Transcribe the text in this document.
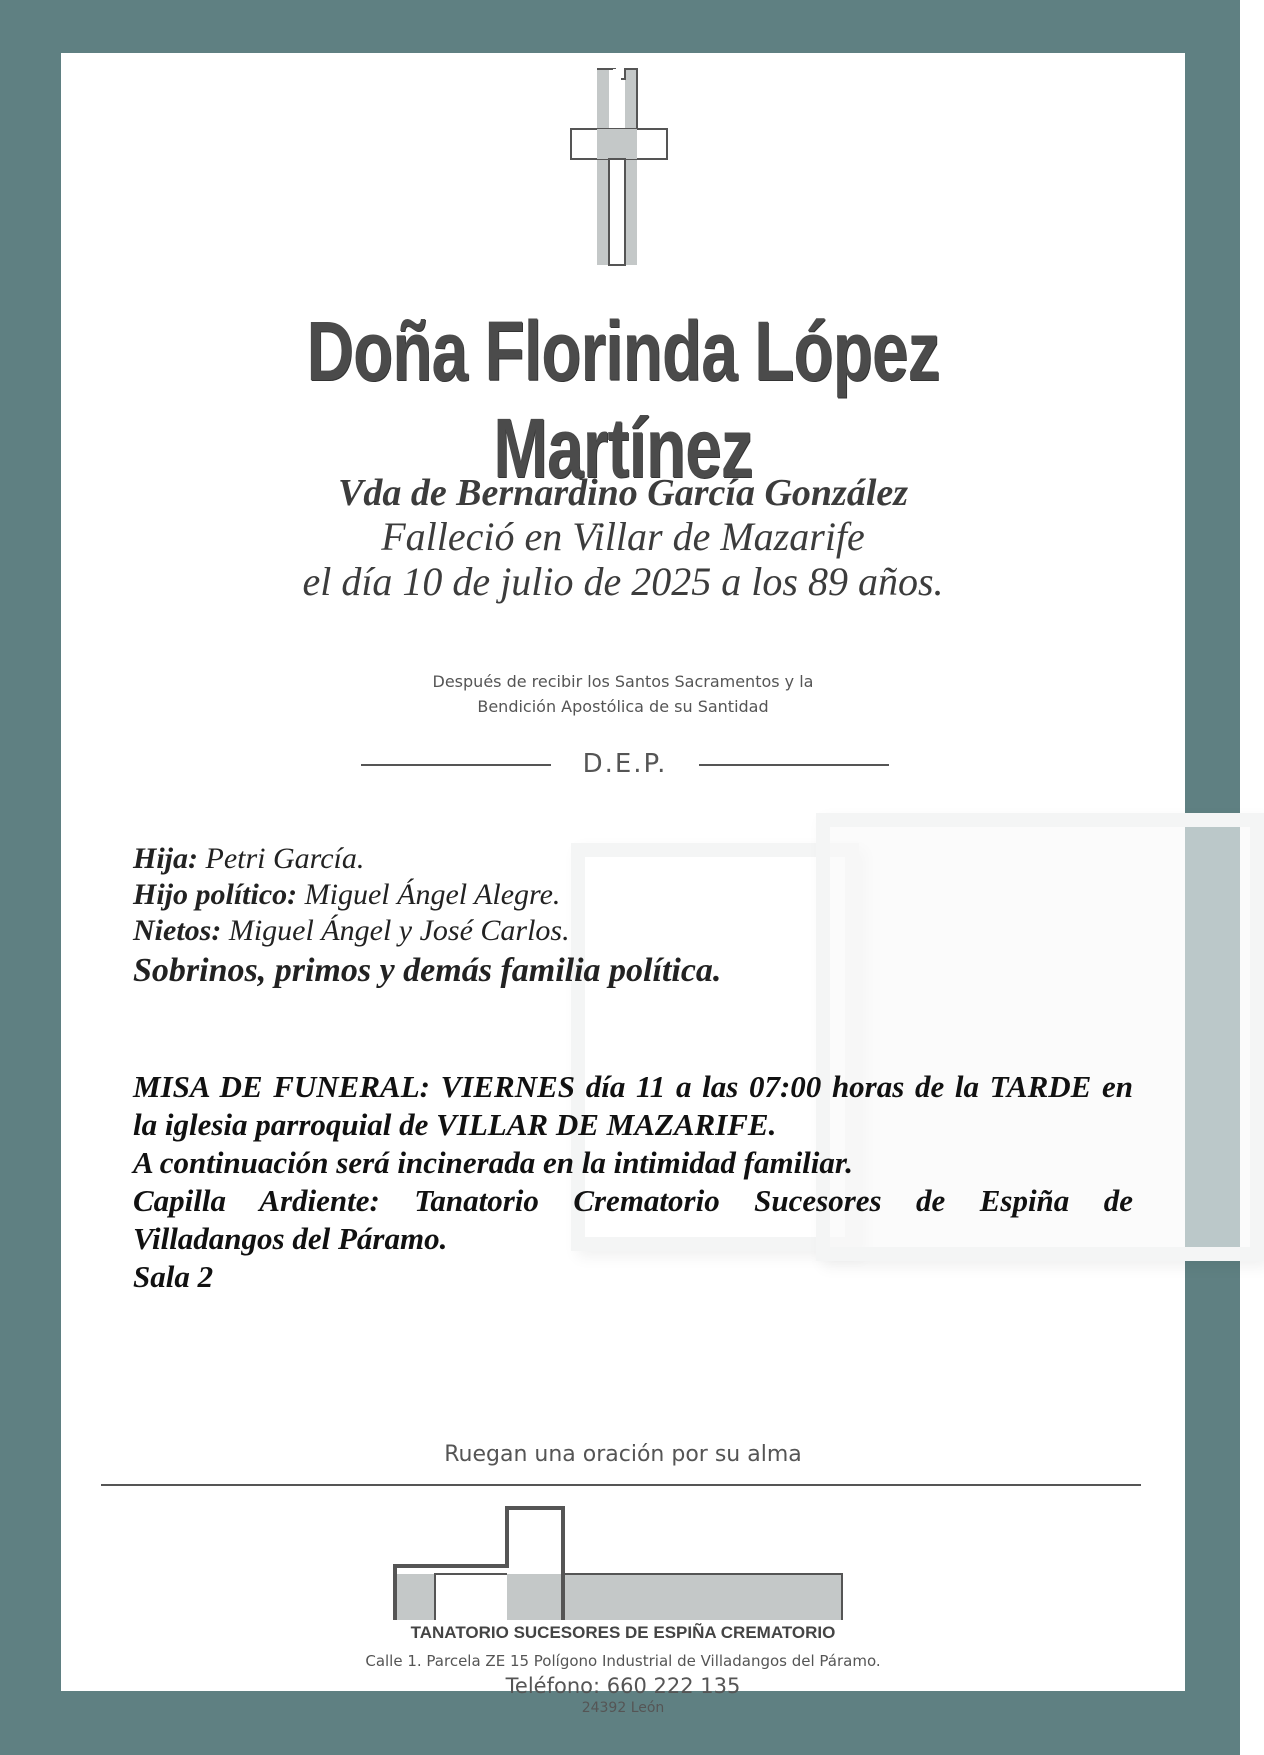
Doña Florinda López Martínez
Vda de Bernardino García González
Falleció en Villar de Mazarife
el día 10 de julio de 2025 a los 89 años.
Después de recibir los Santos Sacramentos y la
Bendición Apostólica de su Santidad
D.E.P.
Hija: Petri García.
Hijo político: Miguel Ángel Alegre.
Nietos: Miguel Ángel y José Carlos.
Sobrinos, primos y demás familia política.
MISA DE FUNERAL: VIERNES día 11 a las 07:00 horas de la TARDE en
la iglesia parroquial de VILLAR DE MAZARIFE.
A continuación será incinerada en la intimidad familiar.
Capilla Ardiente: Tanatorio Crematorio Sucesores de Espiña de
Villadangos del Páramo.
Sala 2
Ruegan una oración por su alma
TANATORIO SUCESORES DE ESPIÑA CREMATORIO
Calle 1. Parcela ZE 15 Polígono Industrial de Villadangos del Páramo.
Teléfono: 660 222 135
24392 León
